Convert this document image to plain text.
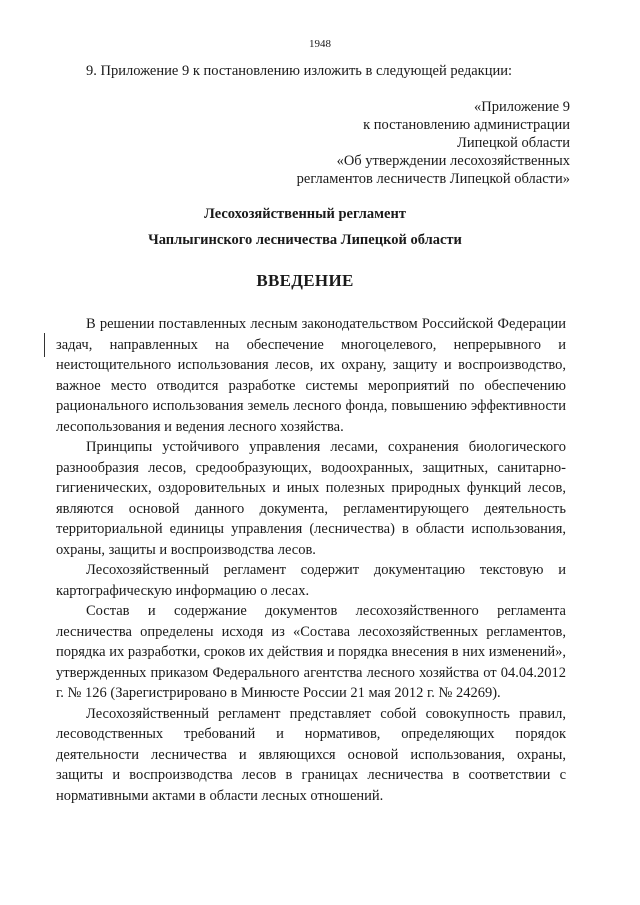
1948
9. Приложение 9 к постановлению изложить в следующей редакции:
«Приложение 9
к постановлению администрации
Липецкой области
«Об утверждении лесохозяйственных
регламентов лесничеств Липецкой области»
Лесохозяйственный регламент
Чаплыгинского лесничества Липецкой области
ВВЕДЕНИЕ

В решении поставленных лесным законодательством Российской Федерации задач, направленных на обеспечение многоцелевого, непрерывного и неистощительного использования лесов, их охрану, защиту и воспроизводство, важное место отводится разработке системы мероприятий по обеспечению рационального использования земель лесного фонда, повышению эффективности лесопользования и ведения лесного хозяйства.

Принципы устойчивого управления лесами, сохранения биологического разнообразия лесов, средообразующих, водоохранных, защитных, санитарно-гигиенических, оздоровительных и иных полезных природных функций лесов, являются основой данного документа, регламентирующего деятельность территориальной единицы управления (лесничества) в области использования, охраны, защиты и воспроизводства лесов.

Лесохозяйственный регламент содержит документацию текстовую и картографическую информацию о лесах.

Состав и содержание документов лесохозяйственного регламента лесничества определены исходя из «Состава лесохозяйственных регламентов, порядка их разработки, сроков их действия и порядка внесения в них изменений», утвержденных приказом Федерального агентства лесного хозяйства от 04.04.2012 г. № 126 (Зарегистрировано в Минюсте России 21 мая 2012 г. № 24269).

Лесохозяйственный регламент представляет собой совокупность правил, лесоводственных требований и нормативов, определяющих порядок деятельности лесничества и являющихся основой использования, охраны, защиты и воспроизводства лесов в границах лесничества в соответствии с нормативными актами в области лесных отношений.
